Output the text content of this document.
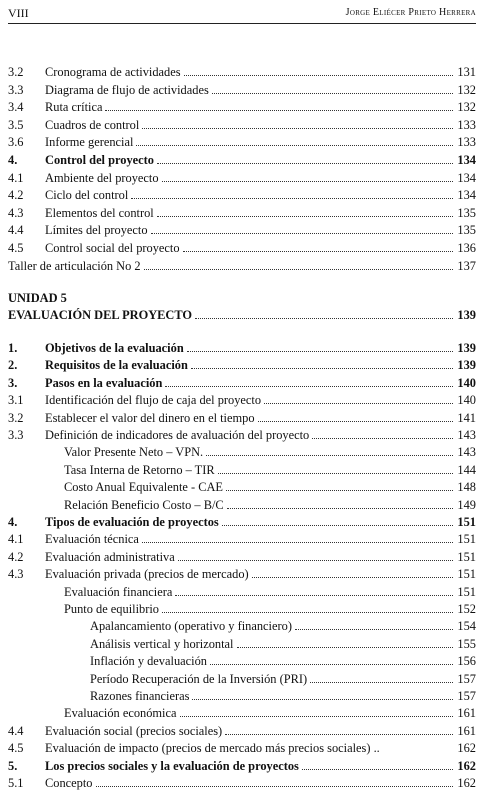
VIII	Jorge Eliécer Prieto Herrera
3.2	Cronograma de actividades	131
3.3	Diagrama de flujo de actividades	132
3.4	Ruta crítica	132
3.5	Cuadros de control	133
3.6	Informe gerencial	133
4.	Control del proyecto	134
4.1	Ambiente del proyecto	134
4.2	Ciclo del control	134
4.3	Elementos del control	135
4.4	Límites del proyecto	135
4.5	Control social del proyecto	136
Taller de articulación No 2	137
EVALUACIÓN DEL PROYECTO	139
1.	Objetivos de la evaluación	139
2.	Requisitos de la evaluación	139
3.	Pasos en la evaluación	140
3.1	Identificación del flujo de caja del proyecto	140
3.2	Establecer el valor del dinero en el tiempo	141
3.3	Definición de indicadores de avaluación del proyecto	143
Valor Presente Neto – VPN.	143
Tasa Interna de Retorno – TIR	144
Costo Anual Equivalente - CAE	148
Relación Beneficio Costo – B/C	149
4.	Tipos de evaluación de proyectos	151
4.1	Evaluación técnica	151
4.2	Evaluación administrativa	151
4.3	Evaluación privada (precios de mercado)	151
Evaluación financiera	151
Punto de equilibrio	152
Apalancamiento (operativo y financiero)	154
Análisis vertical y horizontal	155
Inflación y devaluación	156
Período Recuperación de la Inversión (PRI)	157
Razones financieras	157
Evaluación económica	161
4.4	Evaluación social (precios sociales)	161
4.5	Evaluación de impacto (precios de mercado más precios sociales) ..	162
5.	Los precios sociales y la evaluación de proyectos	162
5.1	Concepto	162
UNIDAD 5
